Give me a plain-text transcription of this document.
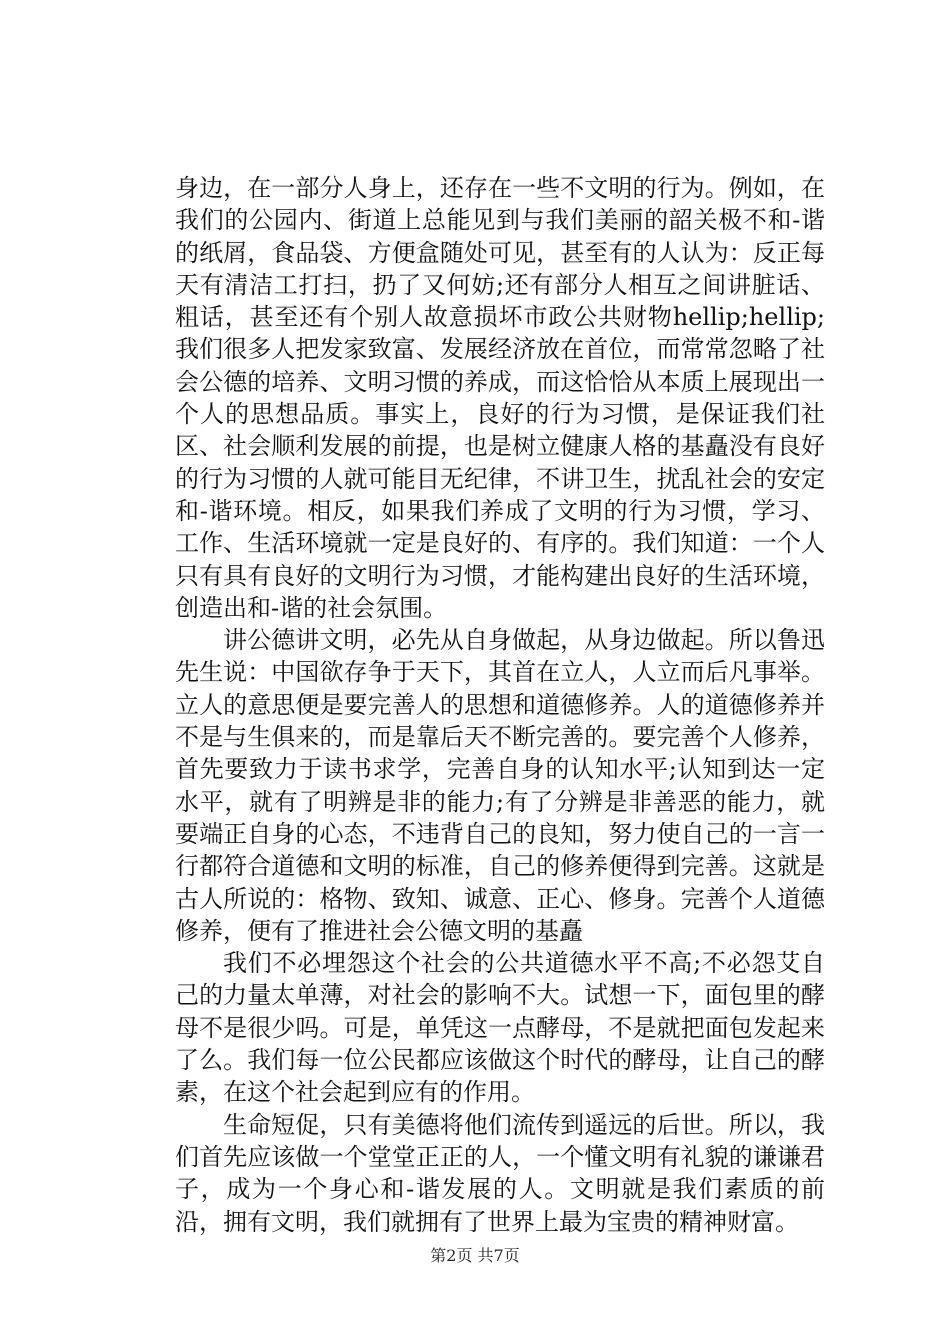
身边，在一部分人身上，还存在一些不文明的行为。例如，在我们的公园内、街道上总能见到与我们美丽的韶关极不和-谐的纸屑，食品袋、方便盒随处可见，甚至有的人认为：反正每天有清洁工打扫，扔了又何妨;还有部分人相互之间讲脏话、粗话，甚至还有个别人故意损坏市政公共财物hellip;hellip;我们很多人把发家致富、发展经济放在首位，而常常忽略了社会公德的培养、文明习惯的养成，而这恰恰从本质上展现出一个人的思想品质。事实上，良好的行为习惯，是保证我们社区、社会顺利发展的前提，也是树立健康人格的基矗没有良好的行为习惯的人就可能目无纪律，不讲卫生，扰乱社会的安定和-谐环境。相反，如果我们养成了文明的行为习惯，学习、工作、生活环境就一定是良好的、有序的。我们知道：一个人只有具有良好的文明行为习惯，才能构建出良好的生活环境，创造出和-谐的社会氛围。

讲公德讲文明，必先从自身做起，从身边做起。所以鲁迅先生说：中国欲存争于天下，其首在立人，人立而后凡事举。立人的意思便是要完善人的思想和道德修养。人的道德修养并不是与生俱来的，而是靠后天不断完善的。要完善个人修养，首先要致力于读书求学，完善自身的认知水平;认知到达一定水平，就有了明辨是非的能力;有了分辨是非善恶的能力，就要端正自身的心态，不违背自己的良知，努力使自己的一言一行都符合道德和文明的标准，自己的修养便得到完善。这就是古人所说的：格物、致知、诚意、正心、修身。完善个人道德修养，便有了推进社会公德文明的基矗

我们不必埋怨这个社会的公共道德水平不高;不必怨艾自己的力量太单薄，对社会的影响不大。试想一下，面包里的酵母不是很少吗。可是，单凭这一点酵母，不是就把面包发起来了么。我们每一位公民都应该做这个时代的酵母，让自己的酵素，在这个社会起到应有的作用。

生命短促，只有美德将他们流传到遥远的后世。所以，我们首先应该做一个堂堂正正的人，一个懂文明有礼貌的谦谦君子，成为一个身心和-谐发展的人。文明就是我们素质的前沿，拥有文明，我们就拥有了世界上最为宝贵的精神财富。

第2页 共7页
